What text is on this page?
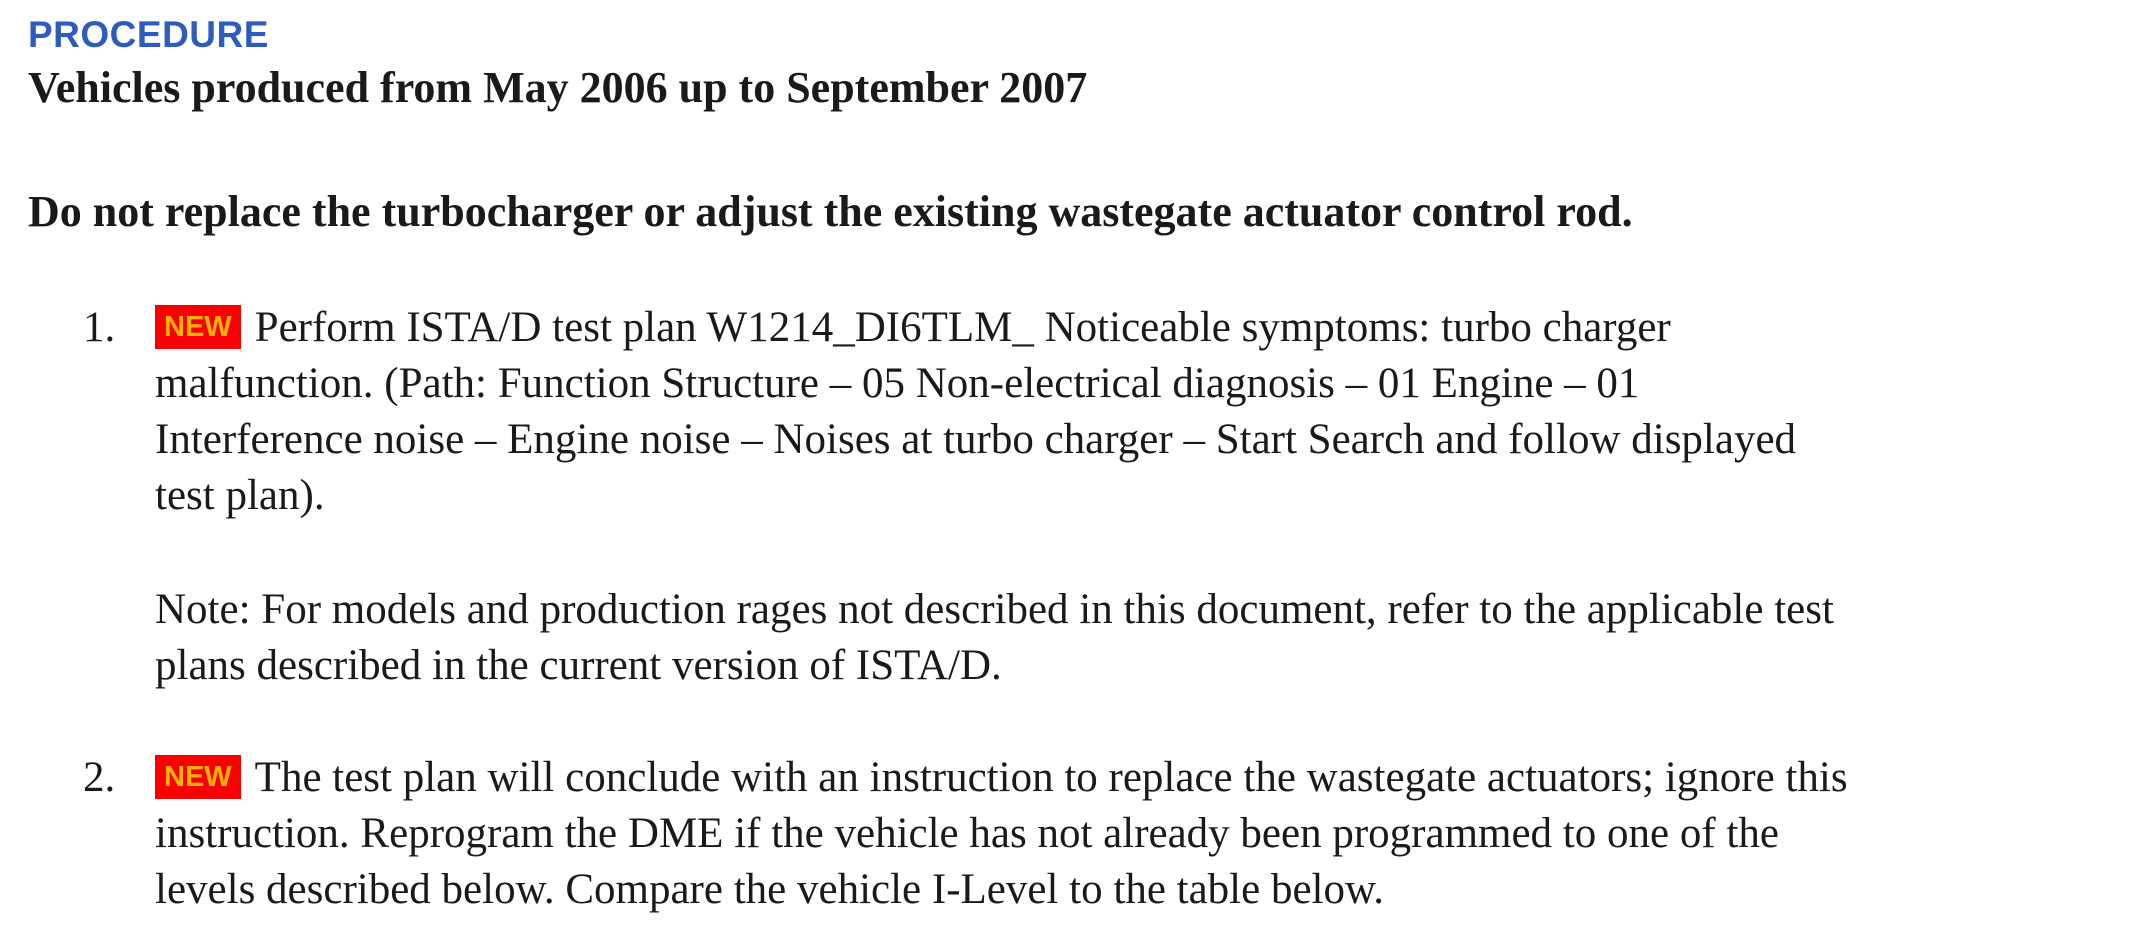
PROCEDURE
Vehicles produced from May 2006 up to September 2007
Do not replace the turbocharger or adjust the existing wastegate actuator control rod.
1.	NEW Perform ISTA/D test plan W1214_DI6TLM_ Noticeable symptoms: turbo charger
malfunction. (Path: Function Structure – 05 Non-electrical diagnosis – 01 Engine – 01
Interference noise – Engine noise – Noises at turbo charger – Start Search and follow displayed
test plan).
Note: For models and production rages not described in this document, refer to the applicable test
plans described in the current version of ISTA/D.
2.	NEW The test plan will conclude with an instruction to replace the wastegate actuators; ignore this
instruction. Reprogram the DME if the vehicle has not already been programmed to one of the
levels described below. Compare the vehicle I-Level to the table below.
